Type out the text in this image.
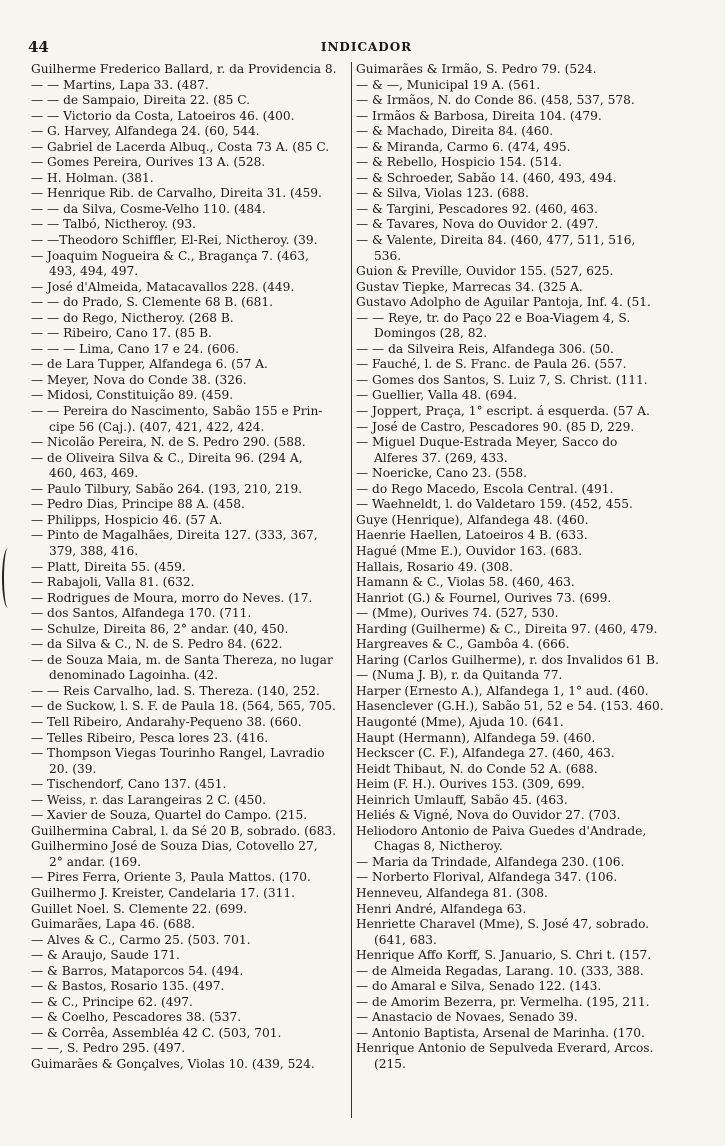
44	INDICADOR
Guilherme Frederico Ballard, r. da Providencia 8.
— — Martins, Lapa 33. (487.
— — de Sampaio, Direita 22. (85 C.
— — Victorio da Costa, Latoeiros 46. (400.
— G. Harvey, Alfandega 24. (60, 544.
— Gabriel de Lacerda Albuq., Costa 73 A. (85 C.
— Gomes Pereira, Ourives 13 A. (528.
— H. Holman. (381.
— Henrique Rib. de Carvalho, Direita 31. (459.
— — da Silva, Cosme-Velho 110. (484.
— — Talbó, Nictheroy. (93.
— —Theodoro Schiffler, El-Rei, Nictheroy. (39.
— Joaquim Nogueira & C., Bragança 7. (463,
493, 494, 497.
— José d'Almeida, Matacavallos 228. (449.
— — do Prado, S. Clemente 68 B. (681.
— — do Rego, Nictheroy. (268 B.
— — Ribeiro, Cano 17. (85 B.
— — — Lima, Cano 17 e 24. (606.
— de Lara Tupper, Alfandega 6. (57 A.
— Meyer, Nova do Conde 38. (326.
— Midosi, Constituição 89. (459.
— — Pereira do Nascimento, Sabão 155 e Prin-
cipe 56 (Caj.). (407, 421, 422, 424.
— Nicolão Pereira, N. de S. Pedro 290. (588.
— de Oliveira Silva & C., Direita 96. (294 A,
460, 463, 469.
— Paulo Tilbury, Sabão 264. (193, 210, 219.
— Pedro Dias, Principe 88 A. (458.
— Philipps, Hospicio 46. (57 A.
— Pinto de Magalhães, Direita 127. (333, 367,
379, 388, 416.
— Platt, Direita 55. (459.
— Rabajoli, Valla 81. (632.
— Rodrigues de Moura, morro do Neves. (17.
— dos Santos, Alfandega 170. (711.
— Schulze, Direita 86, 2° andar. (40, 450.
— da Silva & C., N. de S. Pedro 84. (622.
— de Souza Maia, m. de Santa Thereza, no lugar
denominado Lagoinha. (42.
— — Reis Carvalho, lad. S. Thereza. (140, 252.
— de Suckow, l. S. F. de Paula 18. (564, 565, 705.
— Tell Ribeiro, Andarahy-Pequeno 38. (660.
— Telles Ribeiro, Pesca lores 23. (416.
— Thompson Viegas Tourinho Rangel, Lavradio
20. (39.
— Tischendorf, Cano 137. (451.
— Weiss, r. das Larangeiras 2 C. (450.
— Xavier de Souza, Quartel do Campo. (215.
Guilhermina Cabral, l. da Sé 20 B, sobrado. (683.
Guilhermino José de Souza Dias, Cotovello 27,
2° andar. (169.
— Pires Ferra, Oriente 3, Paula Mattos. (170.
Guilhermo J. Kreister, Candelaria 17. (311.
Guillet Noel. S. Clemente 22. (699.
Guimarães, Lapa 46. (688.
— Alves & C., Carmo 25. (503. 701.
— & Araujo, Saude 171.
— & Barros, Mataporcos 54. (494.
— & Bastos, Rosario 135. (497.
— & C., Principe 62. (497.
— & Coelho, Pescadores 38. (537.
— & Corrêa, Assembléa 42 C. (503, 701.
— —, S. Pedro 295. (497.
Guimarães & Gonçalves, Violas 10. (439, 524.
Guimarães & Irmão, S. Pedro 79. (524.
— & —, Municipal 19 A. (561.
— & Irmãos, N. do Conde 86. (458, 537, 578.
— Irmãos & Barbosa, Direita 104. (479.
— & Machado, Direita 84. (460.
— & Miranda, Carmo 6. (474, 495.
— & Rebello, Hospicio 154. (514.
— & Schroeder, Sabão 14. (460, 493, 494.
— & Silva, Violas 123. (688.
— & Targini, Pescadores 92. (460, 463.
— & Tavares, Nova do Ouvidor 2. (497.
— & Valente, Direita 84. (460, 477, 511, 516,
536.
Guion & Preville, Ouvidor 155. (527, 625.
Gustav Tiepke, Marrecas 34. (325 A.
Gustavo Adolpho de Aguilar Pantoja, Inf. 4. (51.
— — Reye, tr. do Paço 22 e Boa-Viagem 4, S.
Domingos (28, 82.
— — da Silveira Reis, Alfandega 306. (50.
— Fauché, l. de S. Franc. de Paula 26. (557.
— Gomes dos Santos, S. Luiz 7, S. Christ. (111.
— Guellier, Valla 48. (694.
— Joppert, Praça, 1° escript. á esquerda. (57 A.
— José de Castro, Pescadores 90. (85 D, 229.
— Miguel Duque-Estrada Meyer, Sacco do
Alferes 37. (269, 433.
— Noericke, Cano 23. (558.
— do Rego Macedo, Escola Central. (491.
— Waehneldt, l. do Valdetaro 159. (452, 455.
Guye (Henrique), Alfandega 48. (460.
Haenrie Haellen, Latoeiros 4 B. (633.
Hagué (Mme E.), Ouvidor 163. (683.
Hallais, Rosario 49. (308.
Hamann & C., Violas 58. (460, 463.
Hanriot (G.) & Fournel, Ourives 73. (699.
— (Mme), Ourives 74. (527, 530.
Harding (Guilherme) & C., Direita 97. (460, 479.
Hargreaves & C., Gambôa 4. (666.
Haring (Carlos Guilherme), r. dos Invalidos 61 B.
— (Numa J. B), r. da Quitanda 77.
Harper (Ernesto A.), Alfandega 1, 1° aud. (460.
Hasenclever (G.H.), Sabão 51, 52 e 54. (153. 460.
Haugonté (Mme), Ajuda 10. (641.
Haupt (Hermann), Alfandega 59. (460.
Heckscer (C. F.), Alfandega 27. (460, 463.
Heidt Thibaut, N. do Conde 52 A. (688.
Heim (F. H.). Ourives 153. (309, 699.
Heinrich Umlauff, Sabão 45. (463.
Heliés & Vigné, Nova do Ouvidor 27. (703.
Heliodoro Antonio de Paiva Guedes d'Andrade,
Chagas 8, Nictheroy.
— Maria da Trindade, Alfandega 230. (106.
— Norberto Florival, Alfandega 347. (106.
Henneveu, Alfandega 81. (308.
Henri André, Alfandega 63.
Henriette Charavel (Mme), S. José 47, sobrado.
(641, 683.
Henrique Affo Korff, S. Januario, S. Chri t. (157.
— de Almeida Regadas, Larang. 10. (333, 388.
— do Amaral e Silva, Senado 122. (143.
— de Amorim Bezerra, pr. Vermelha. (195, 211.
— Anastacio de Novaes, Senado 39.
— Antonio Baptista, Arsenal de Marinha. (170.
Henrique Antonio de Sepulveda Everard, Arcos.
(215.
